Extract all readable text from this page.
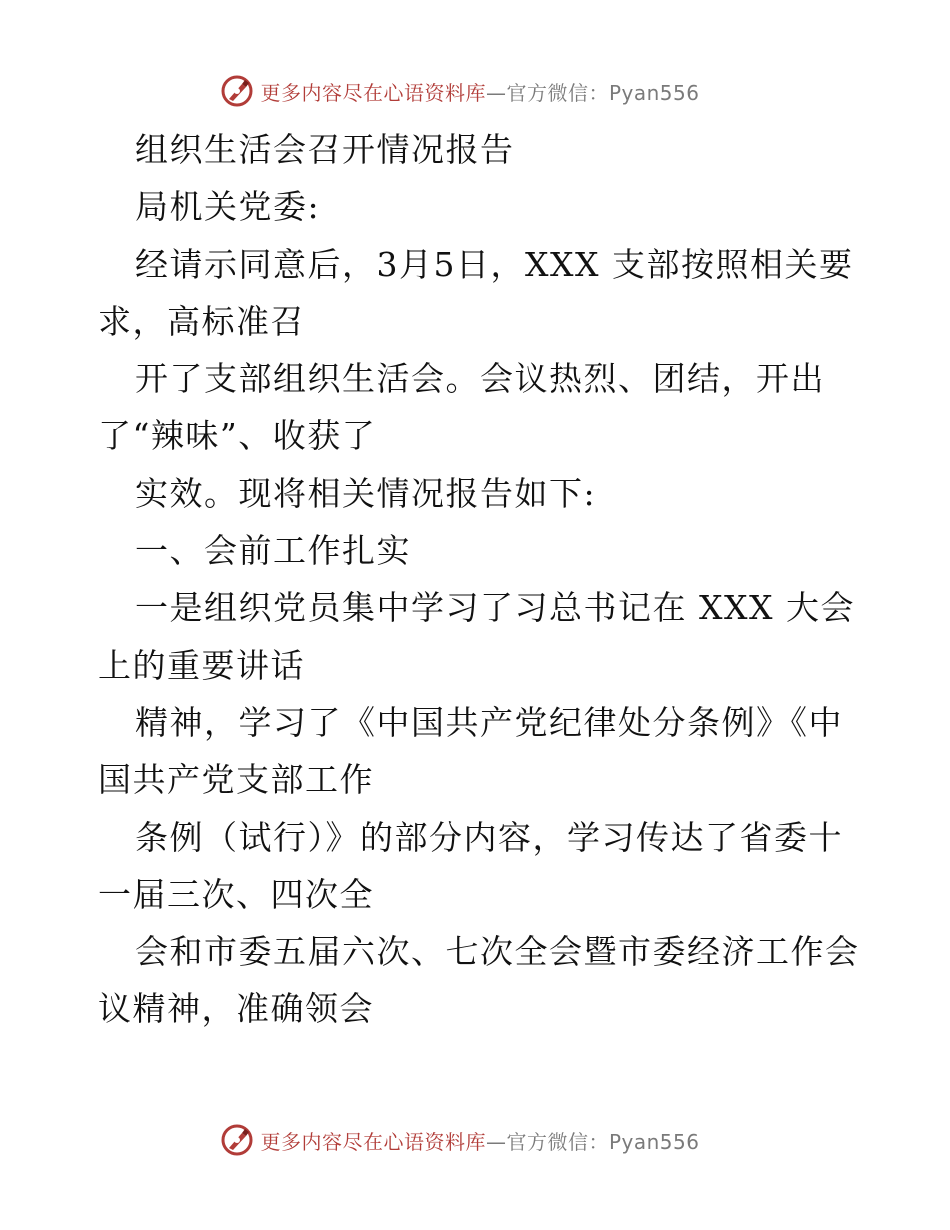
更多内容尽在心语资料库—官方微信：Pyan556
组织生活会召开情况报告
局机关党委:
经请示同意后，3月5日，XXX 支部按照相关要
求，高标准召
开了支部组织生活会。会议热烈、团结，开出
了“辣味”、收获了
实效。现将相关情况报告如下:
一、会前工作扎实
一是组织党员集中学习了习总书记在 XXX 大会
上的重要讲话
精神，学习了《中国共产党纪律处分条例》《中
国共产党支部工作
条例（试行）》的部分内容，学习传达了省委十
一届三次、四次全
会和市委五届六次、七次全会暨市委经济工作会
议精神，准确领会
更多内容尽在心语资料库—官方微信：Pyan556
